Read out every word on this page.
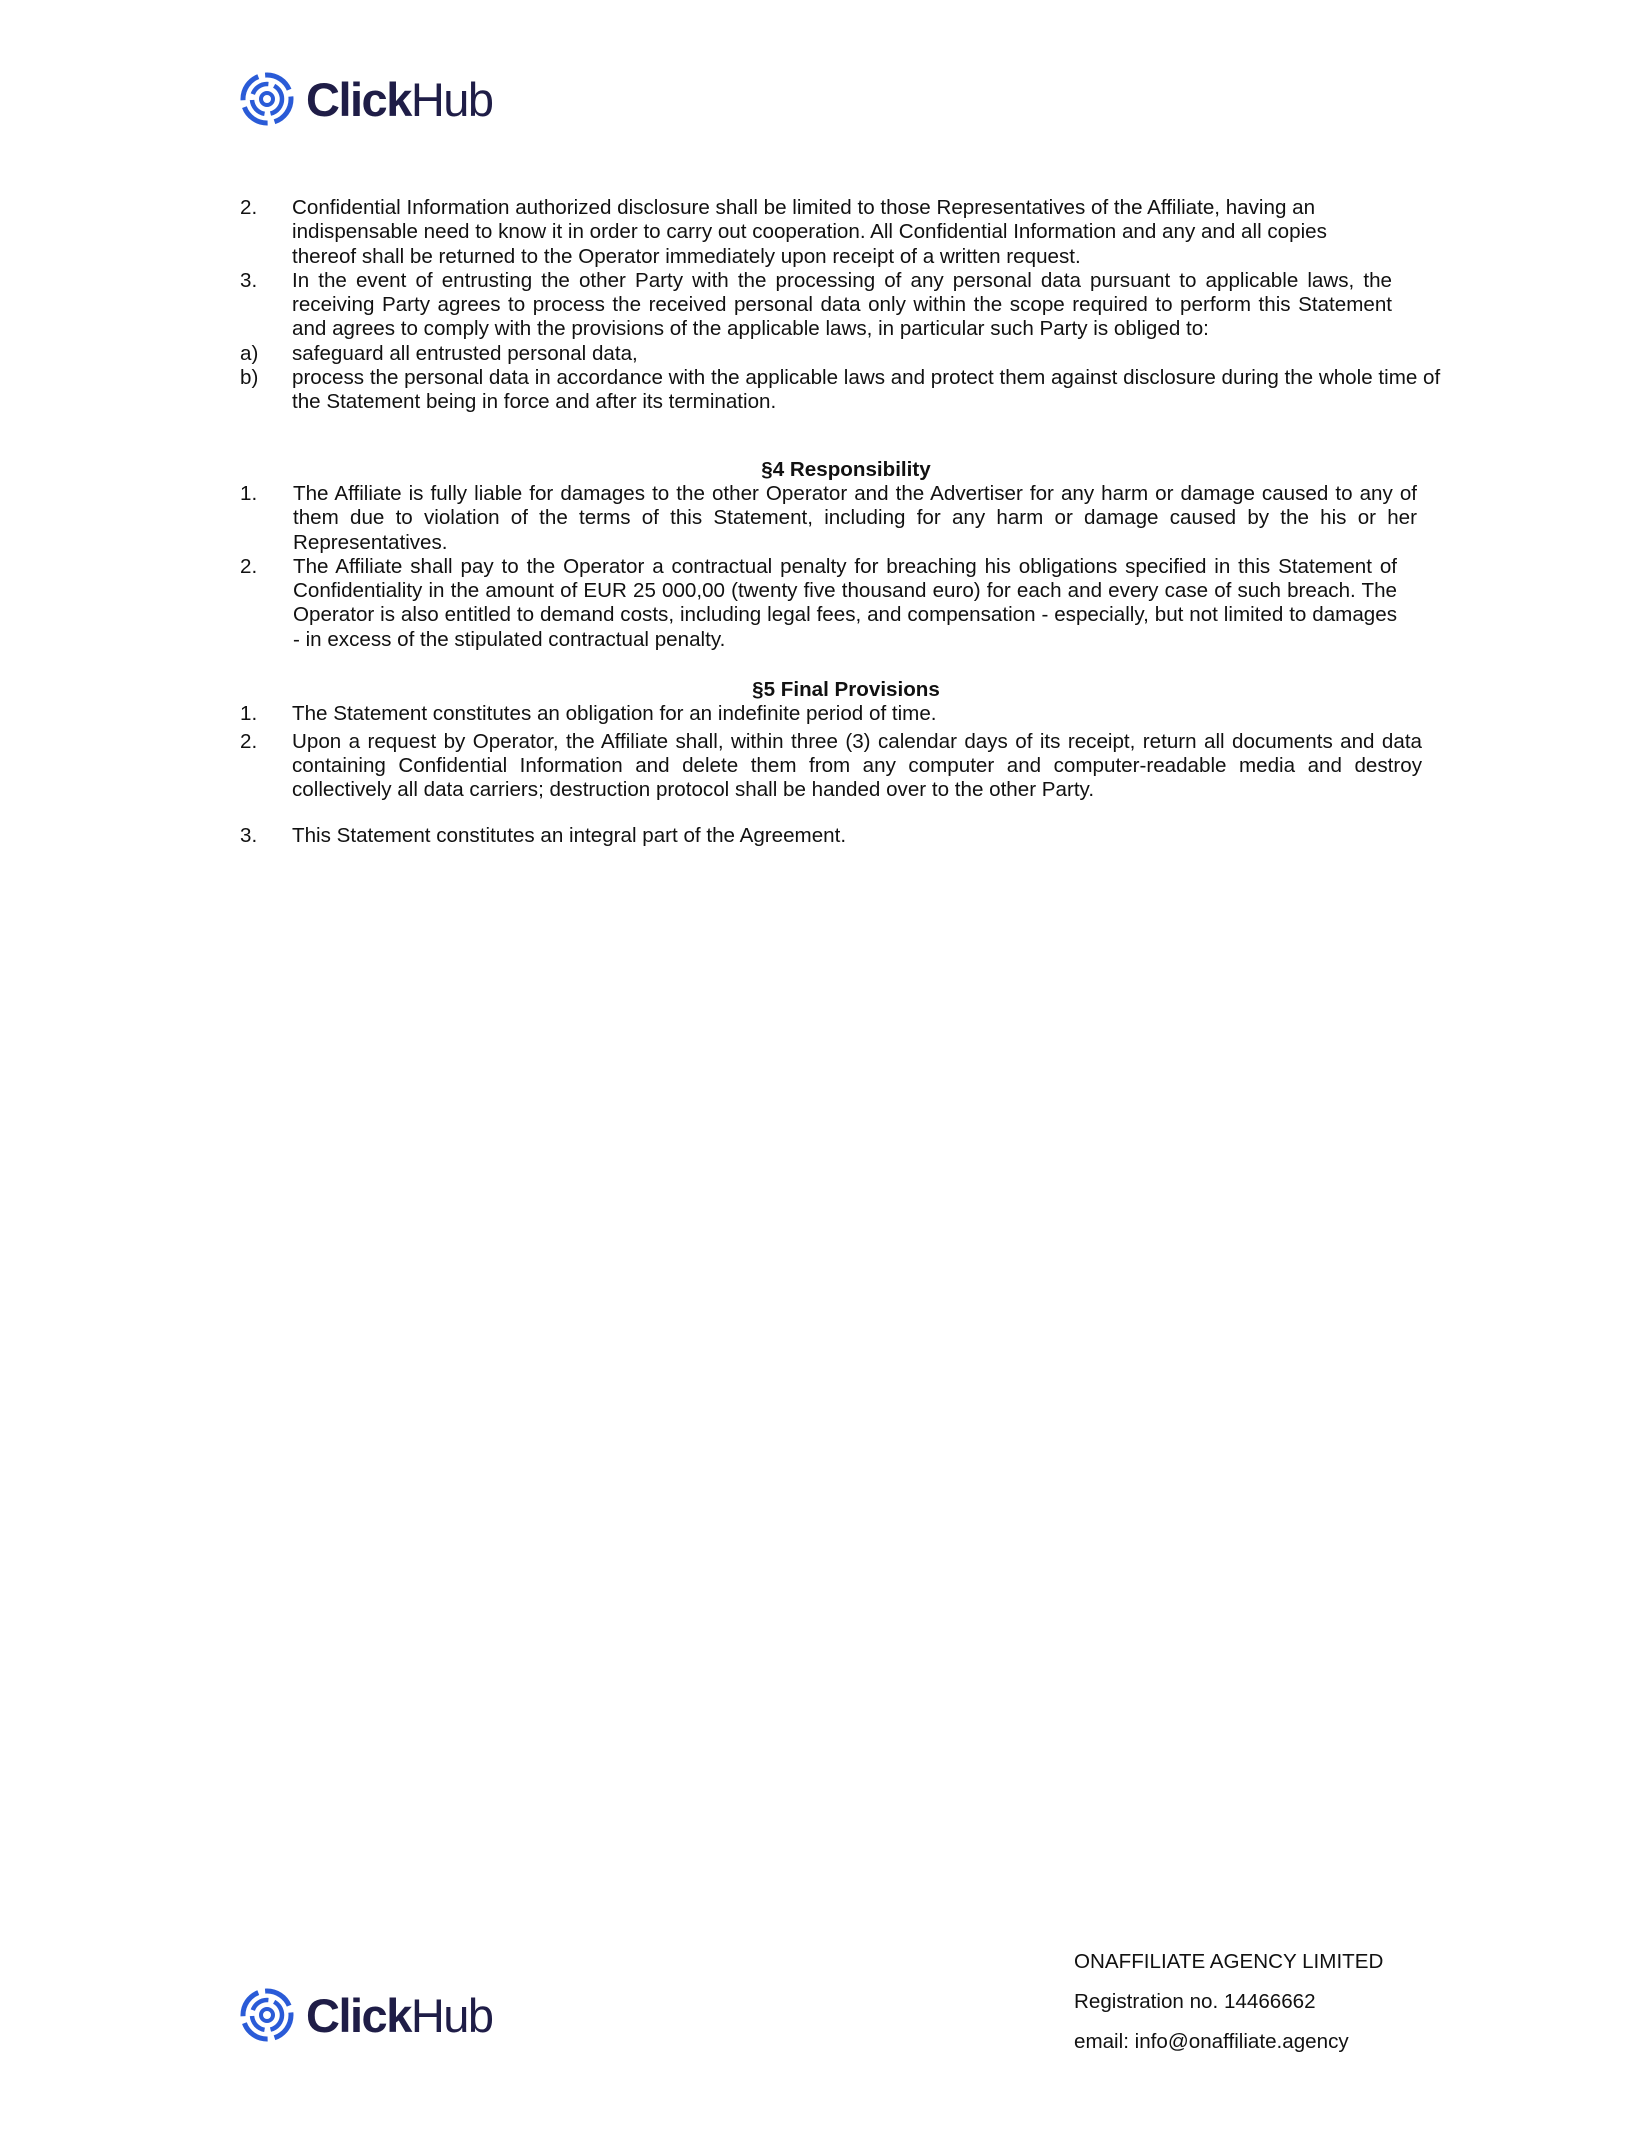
ClickHub
2.	Confidential Information authorized disclosure shall be limited to those Representatives of the Affiliate, having an indispensable need to know it in order to carry out cooperation. All Confidential Information and any and all copies thereof shall be returned to the Operator immediately upon receipt of a written request.
3.	In the event of entrusting the other Party with the processing of any personal data pursuant to applicable laws, the receiving Party agrees to process the received personal data only within the scope required to perform this Statement and agrees to comply with the provisions of the applicable laws, in particular such Party is obliged to:
a)	safeguard all entrusted personal data,
b)	process the personal data in accordance with the applicable laws and protect them against disclosure during the whole time of the Statement being in force and after its termination.
§4 Responsibility
1.	The Affiliate is fully liable for damages to the other Operator and the Advertiser for any harm or damage caused to any of them due to violation of the terms of this Statement, including for any harm or damage caused by the his or her Representatives.
2.	The Affiliate shall pay to the Operator a contractual penalty for breaching his obligations specified in this Statement of Confidentiality in the amount of EUR 25 000,00 (twenty five thousand euro) for each and every case of such breach. The Operator is also entitled to demand costs, including legal fees, and compensation - especially, but not limited to damages - in excess of the stipulated contractual penalty.
§5 Final Provisions
1.	The Statement constitutes an obligation for an indefinite period of time.
2.	Upon a request by Operator, the Affiliate shall, within three (3) calendar days of its receipt, return all documents and data containing Confidential Information and delete them from any computer and computer-readable media and destroy collectively all data carriers; destruction protocol shall be handed over to the other Party.
3.	This Statement constitutes an integral part of the Agreement.
ClickHub
ONAFFILIATE AGENCY LIMITED
Registration no. 14466662
email: info@onaffiliate.agency
